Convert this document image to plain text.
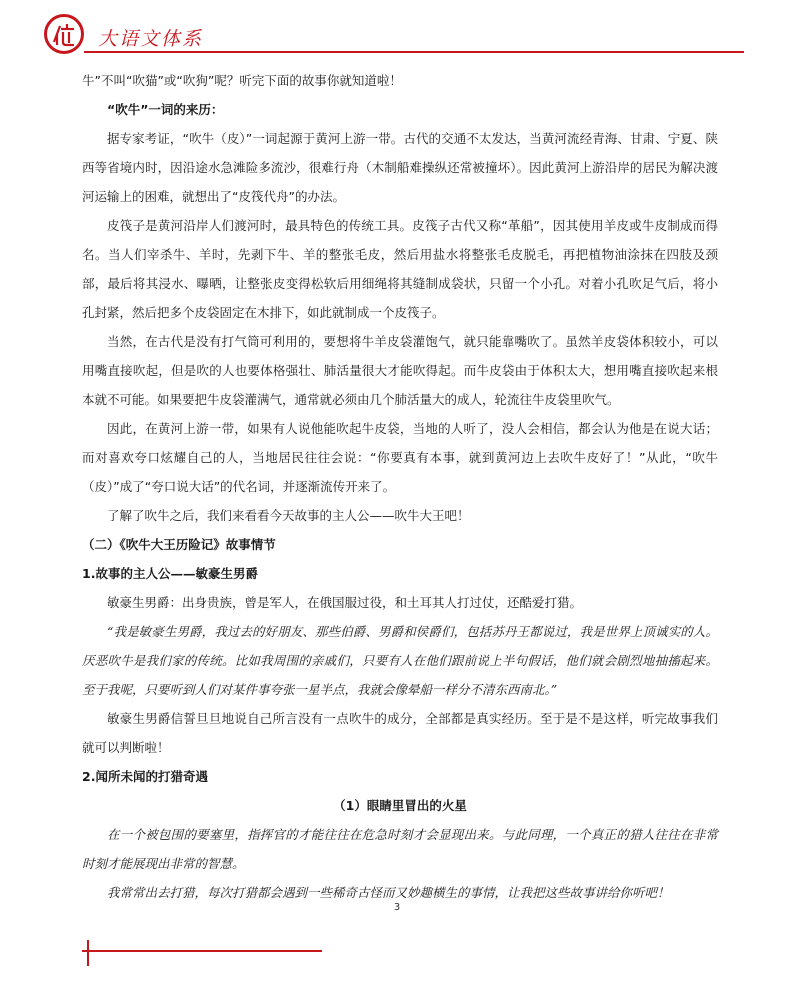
大语文体系

牛”不叫“吹猫”或“吹狗”呢？听完下面的故事你就知道啦！

“吹牛”一词的来历：

据专家考证，“吹牛（皮）”一词起源于黄河上游一带。古代的交通不太发达，当黄河流经青海、甘肃、宁夏、陕西等省境内时，因沿途水急滩险多流沙，很难行舟（木制船难操纵还常被撞坏）。因此黄河上游沿岸的居民为解决渡河运输上的困难，就想出了“皮筏代舟”的办法。

皮筏子是黄河沿岸人们渡河时，最具特色的传统工具。皮筏子古代又称“革船”，因其使用羊皮或牛皮制成而得名。当人们宰杀牛、羊时，先剥下牛、羊的整张毛皮，然后用盐水将整张毛皮脱毛，再把植物油涂抹在四肢及颈部，最后将其浸水、曝晒，让整张皮变得松软后用细绳将其缝制成袋状，只留一个小孔。对着小孔吹足气后，将小孔封紧，然后把多个皮袋固定在木排下，如此就制成一个皮筏子。

当然，在古代是没有打气筒可利用的，要想将牛羊皮袋灌饱气，就只能靠嘴吹了。虽然羊皮袋体积较小，可以用嘴直接吹起，但是吹的人也要体格强壮、肺活量很大才能吹得起。而牛皮袋由于体积太大，想用嘴直接吹起来根本就不可能。如果要把牛皮袋灌满气，通常就必须由几个肺活量大的成人，轮流往牛皮袋里吹气。

因此，在黄河上游一带，如果有人说他能吹起牛皮袋，当地的人听了，没人会相信，都会认为他是在说大话；而对喜欢夸口炫耀自己的人，当地居民往往会说：“你要真有本事，就到黄河边上去吹牛皮好了！”从此，“吹牛（皮）”成了“夸口说大话”的代名词，并逐渐流传开来了。

了解了吹牛之后，我们来看看今天故事的主人公——吹牛大王吧！

（二）《吹牛大王历险记》故事情节

1.故事的主人公——敏豪生男爵

敏豪生男爵：出身贵族，曾是军人，在俄国服过役，和土耳其人打过仗，还酷爱打猎。

“我是敏豪生男爵，我过去的好朋友、那些伯爵、男爵和侯爵们，包括苏丹王都说过，我是世界上顶诚实的人。厌恶吹牛是我们家的传统。比如我周围的亲戚们，只要有人在他们跟前说上半句假话，他们就会剧烈地抽搐起来。至于我呢，只要听到人们对某件事夸张一星半点，我就会像晕船一样分不清东西南北。”

敏豪生男爵信誓旦旦地说自己所言没有一点吹牛的成分，全部都是真实经历。至于是不是这样，听完故事我们就可以判断啦！

2.闻所未闻的打猎奇遇

（1）眼睛里冒出的火星

在一个被包围的要塞里，指挥官的才能往往在危急时刻才会显现出来。与此同理，一个真正的猎人往往在非常时刻才能展现出非常的智慧。

我常常出去打猎，每次打猎都会遇到一些稀奇古怪而又妙趣横生的事情，让我把这些故事讲给你听吧！

3
